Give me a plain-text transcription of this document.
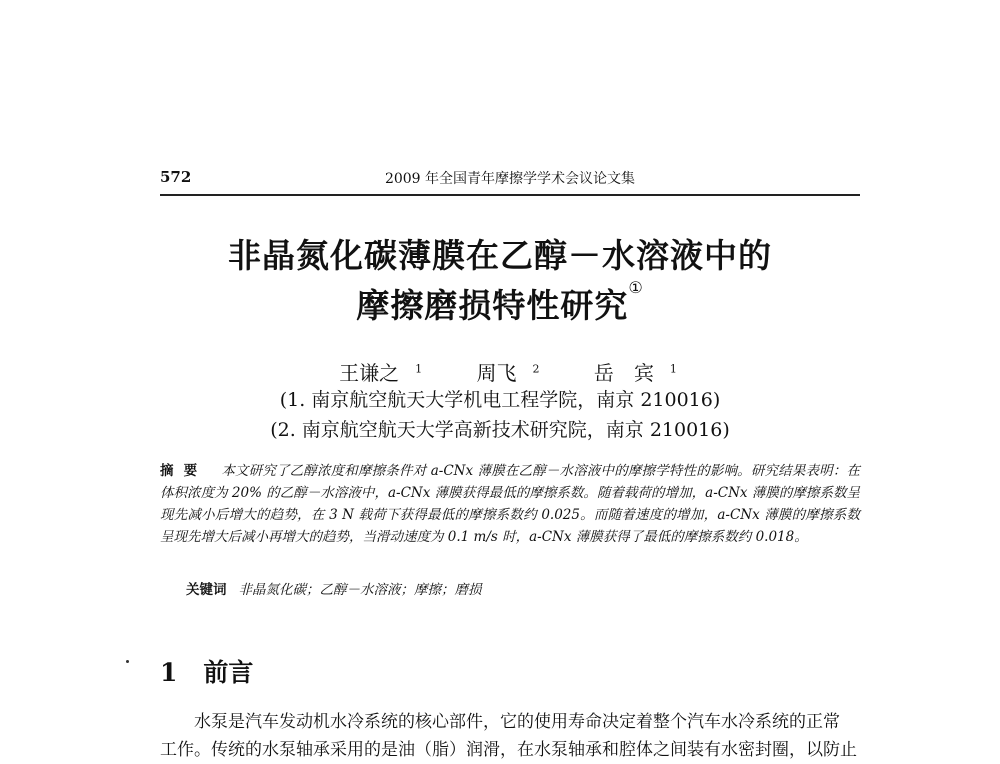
572	2009 年全国青年摩擦学学术会议论文集
非晶氮化碳薄膜在乙醇－水溶液中的
摩擦磨损特性研究①
王谦之 $^1$	周飞 $^2$	岳　宾 $^1$
(1. 南京航空航天大学机电工程学院，南京 210016)
(2. 南京航空航天大学高新技术研究院，南京 210016)
摘要 本文研究了乙醇浓度和摩擦条件对 a-CNx 薄膜在乙醇－水溶液中的摩擦学特性的影响。研究结果表明：在体积浓度为 20% 的乙醇－水溶液中，a-CNx 薄膜获得最低的摩擦系数。随着载荷的增加，a-CNx 薄膜的摩擦系数呈现先减小后增大的趋势，在 3 N 载荷下获得最低的摩擦系数约 0.025。而随着速度的增加，a-CNx 薄膜的摩擦系数呈现先增大后减小再增大的趋势，当滑动速度为 0.1 m/s 时，a-CNx 薄膜获得了最低的摩擦系数约 0.018。
关键词 非晶氮化碳；乙醇－水溶液；摩擦；磨损
1 前言
水泵是汽车发动机水冷系统的核心部件，它的使用寿命决定着整个汽车水冷系统的正常
工作。传统的水泵轴承采用的是油（脂）润滑，在水泵轴承和腔体之间装有水密封圈，以防止
